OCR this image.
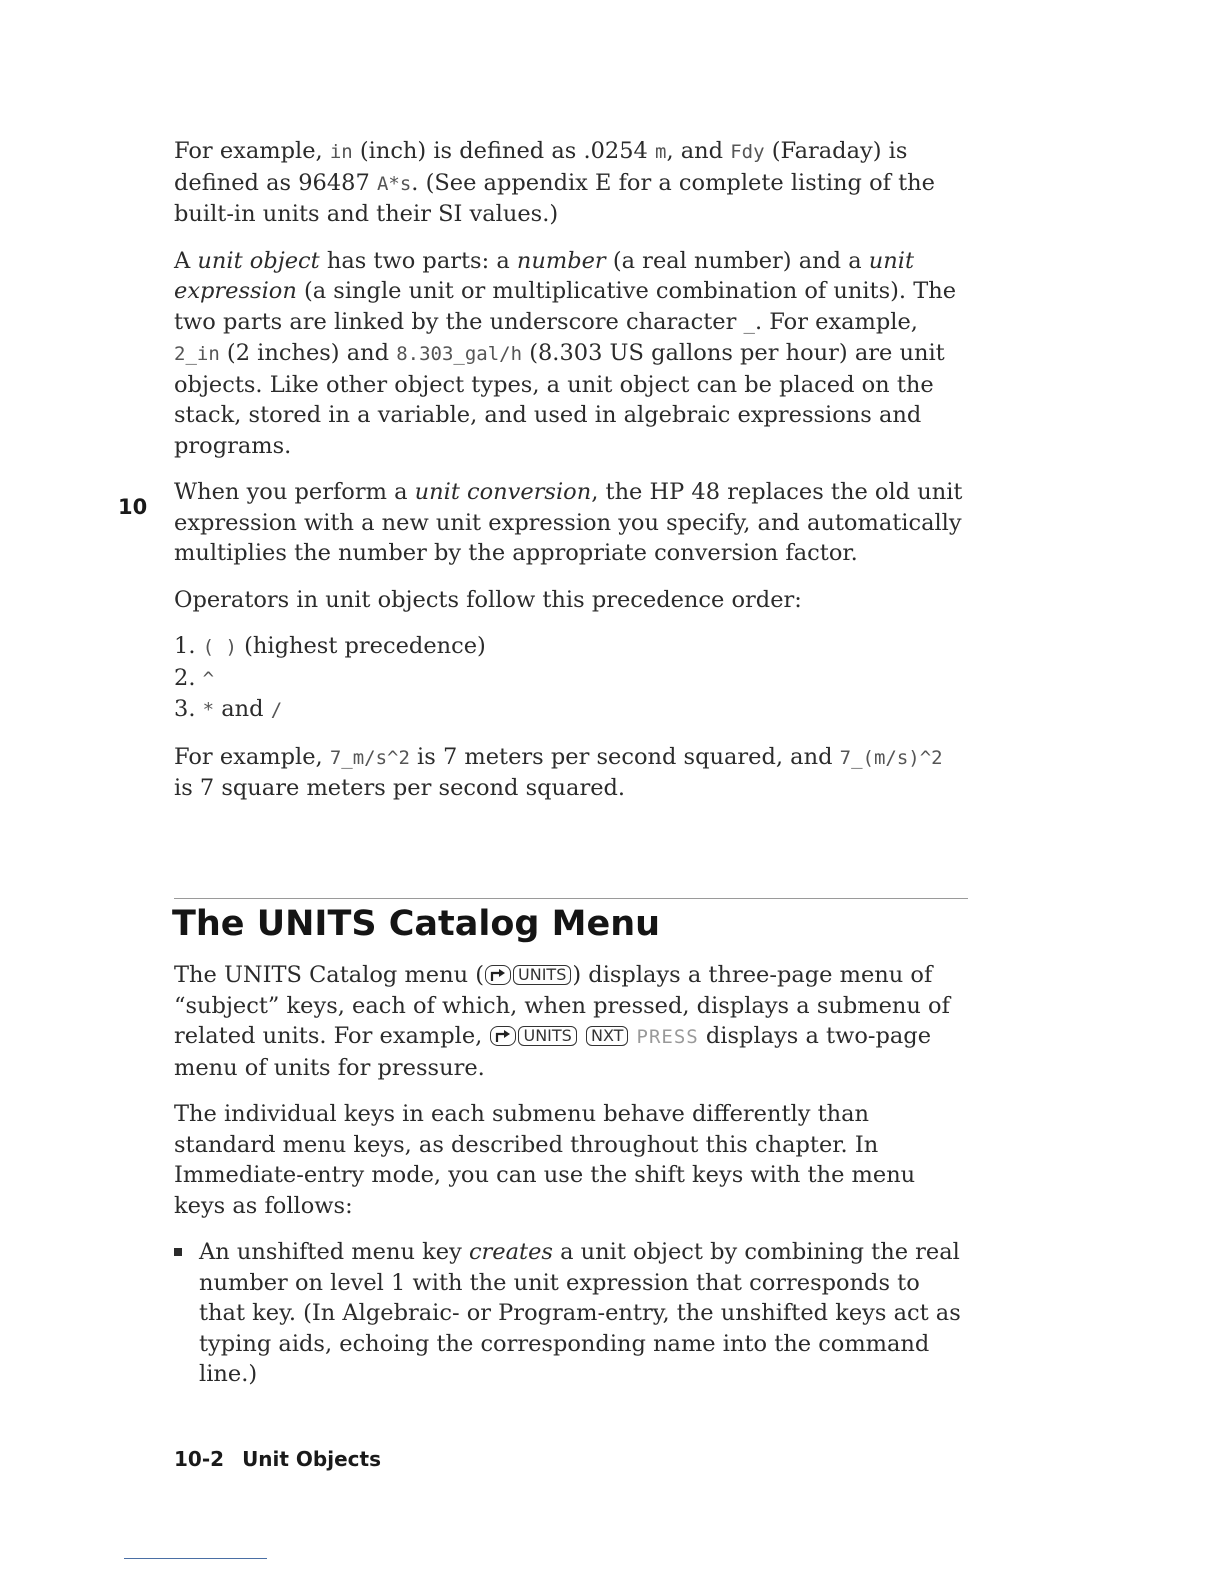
10

For example, in (inch) is defined as .0254 m, and Fdy (Faraday) is defined as 96487 A*s. (See appendix E for a complete listing of the built-in units and their SI values.)

A unit object has two parts: a number (a real number) and a unit expression (a single unit or multiplicative combination of units). The two parts are linked by the underscore character _. For example, 2_in (2 inches) and 8.303_gal/h (8.303 US gallons per hour) are unit objects. Like other object types, a unit object can be placed on the stack, stored in a variable, and used in algebraic expressions and programs.

When you perform a unit conversion, the HP 48 replaces the old unit expression with a new unit expression you specify, and automatically multiplies the number by the appropriate conversion factor.

Operators in unit objects follow this precedence order:

1. ( ) (highest precedence)
2. ^
3. * and /

For example, 7_m/s^2 is 7 meters per second squared, and 7_(m/s)^2 is 7 square meters per second squared.

The UNITS Catalog Menu

The UNITS Catalog menu ( UNITS ) displays a three-page menu of “subject” keys, each of which, when pressed, displays a submenu of related units. For example,
UNITS NXT PRESS displays a two-page menu of units for pressure.

The individual keys in each submenu behave differently than standard menu keys, as described throughout this chapter. In Immediate-entry mode, you can use the shift keys with the menu keys as follows:

An unshifted menu key creates a unit object by combining the real number on level 1 with the unit expression that corresponds to that key. (In Algebraic- or Program-entry, the unshifted keys act as typing aids, echoing the corresponding name into the command line.)
10-2 Unit Objects
